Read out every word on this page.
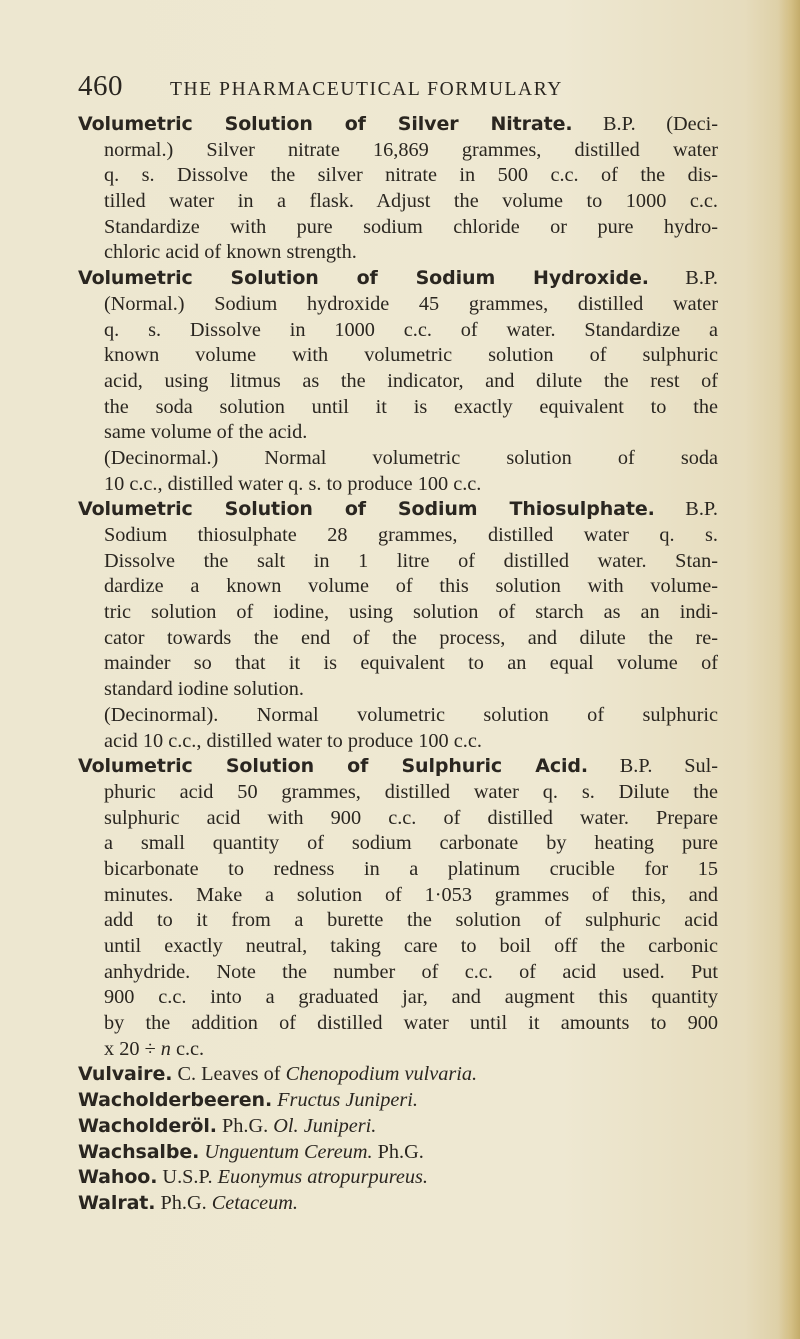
460	THE PHARMACEUTICAL FORMULARY
Volumetric Solution of Silver Nitrate. B.P. (Deci-
normal.) Silver nitrate 16,869 grammes, distilled water
q. s. Dissolve the silver nitrate in 500 c.c. of the dis-
tilled water in a flask. Adjust the volume to 1000 c.c.
Standardize with pure sodium chloride or pure hydro-
chloric acid of known strength.
Volumetric Solution of Sodium Hydroxide. B.P.
(Normal.) Sodium hydroxide 45 grammes, distilled water
q. s. Dissolve in 1000 c.c. of water. Standardize a
known volume with volumetric solution of sulphuric
acid, using litmus as the indicator, and dilute the rest of
the soda solution until it is exactly equivalent to the
same volume of the acid.
(Decinormal.) Normal volumetric solution of soda
10 c.c., distilled water q. s. to produce 100 c.c.
Volumetric Solution of Sodium Thiosulphate. B.P.
Sodium thiosulphate 28 grammes, distilled water q. s.
Dissolve the salt in 1 litre of distilled water. Stan-
dardize a known volume of this solution with volume-
tric solution of iodine, using solution of starch as an indi-
cator towards the end of the process, and dilute the re-
mainder so that it is equivalent to an equal volume of
standard iodine solution.
(Decinormal). Normal volumetric solution of sulphuric
acid 10 c.c., distilled water to produce 100 c.c.
Volumetric Solution of Sulphuric Acid. B.P. Sul-
phuric acid 50 grammes, distilled water q. s. Dilute the
sulphuric acid with 900 c.c. of distilled water. Prepare
a small quantity of sodium carbonate by heating pure
bicarbonate to redness in a platinum crucible for 15
minutes. Make a solution of 1·053 grammes of this, and
add to it from a burette the solution of sulphuric acid
until exactly neutral, taking care to boil off the carbonic
anhydride. Note the number of c.c. of acid used. Put
900 c.c. into a graduated jar, and augment this quantity
by the addition of distilled water until it amounts to 900
x 20 ÷ n c.c.
Vulvaire. C. Leaves of Chenopodium vulvaria.
Wacholderbeeren. Fructus Juniperi.
Wacholderöl. Ph.G. Ol. Juniperi.
Wachsalbe. Unguentum Cereum. Ph.G.
Wahoo. U.S.P. Euonymus atropurpureus.
Walrat. Ph.G. Cetaceum.
